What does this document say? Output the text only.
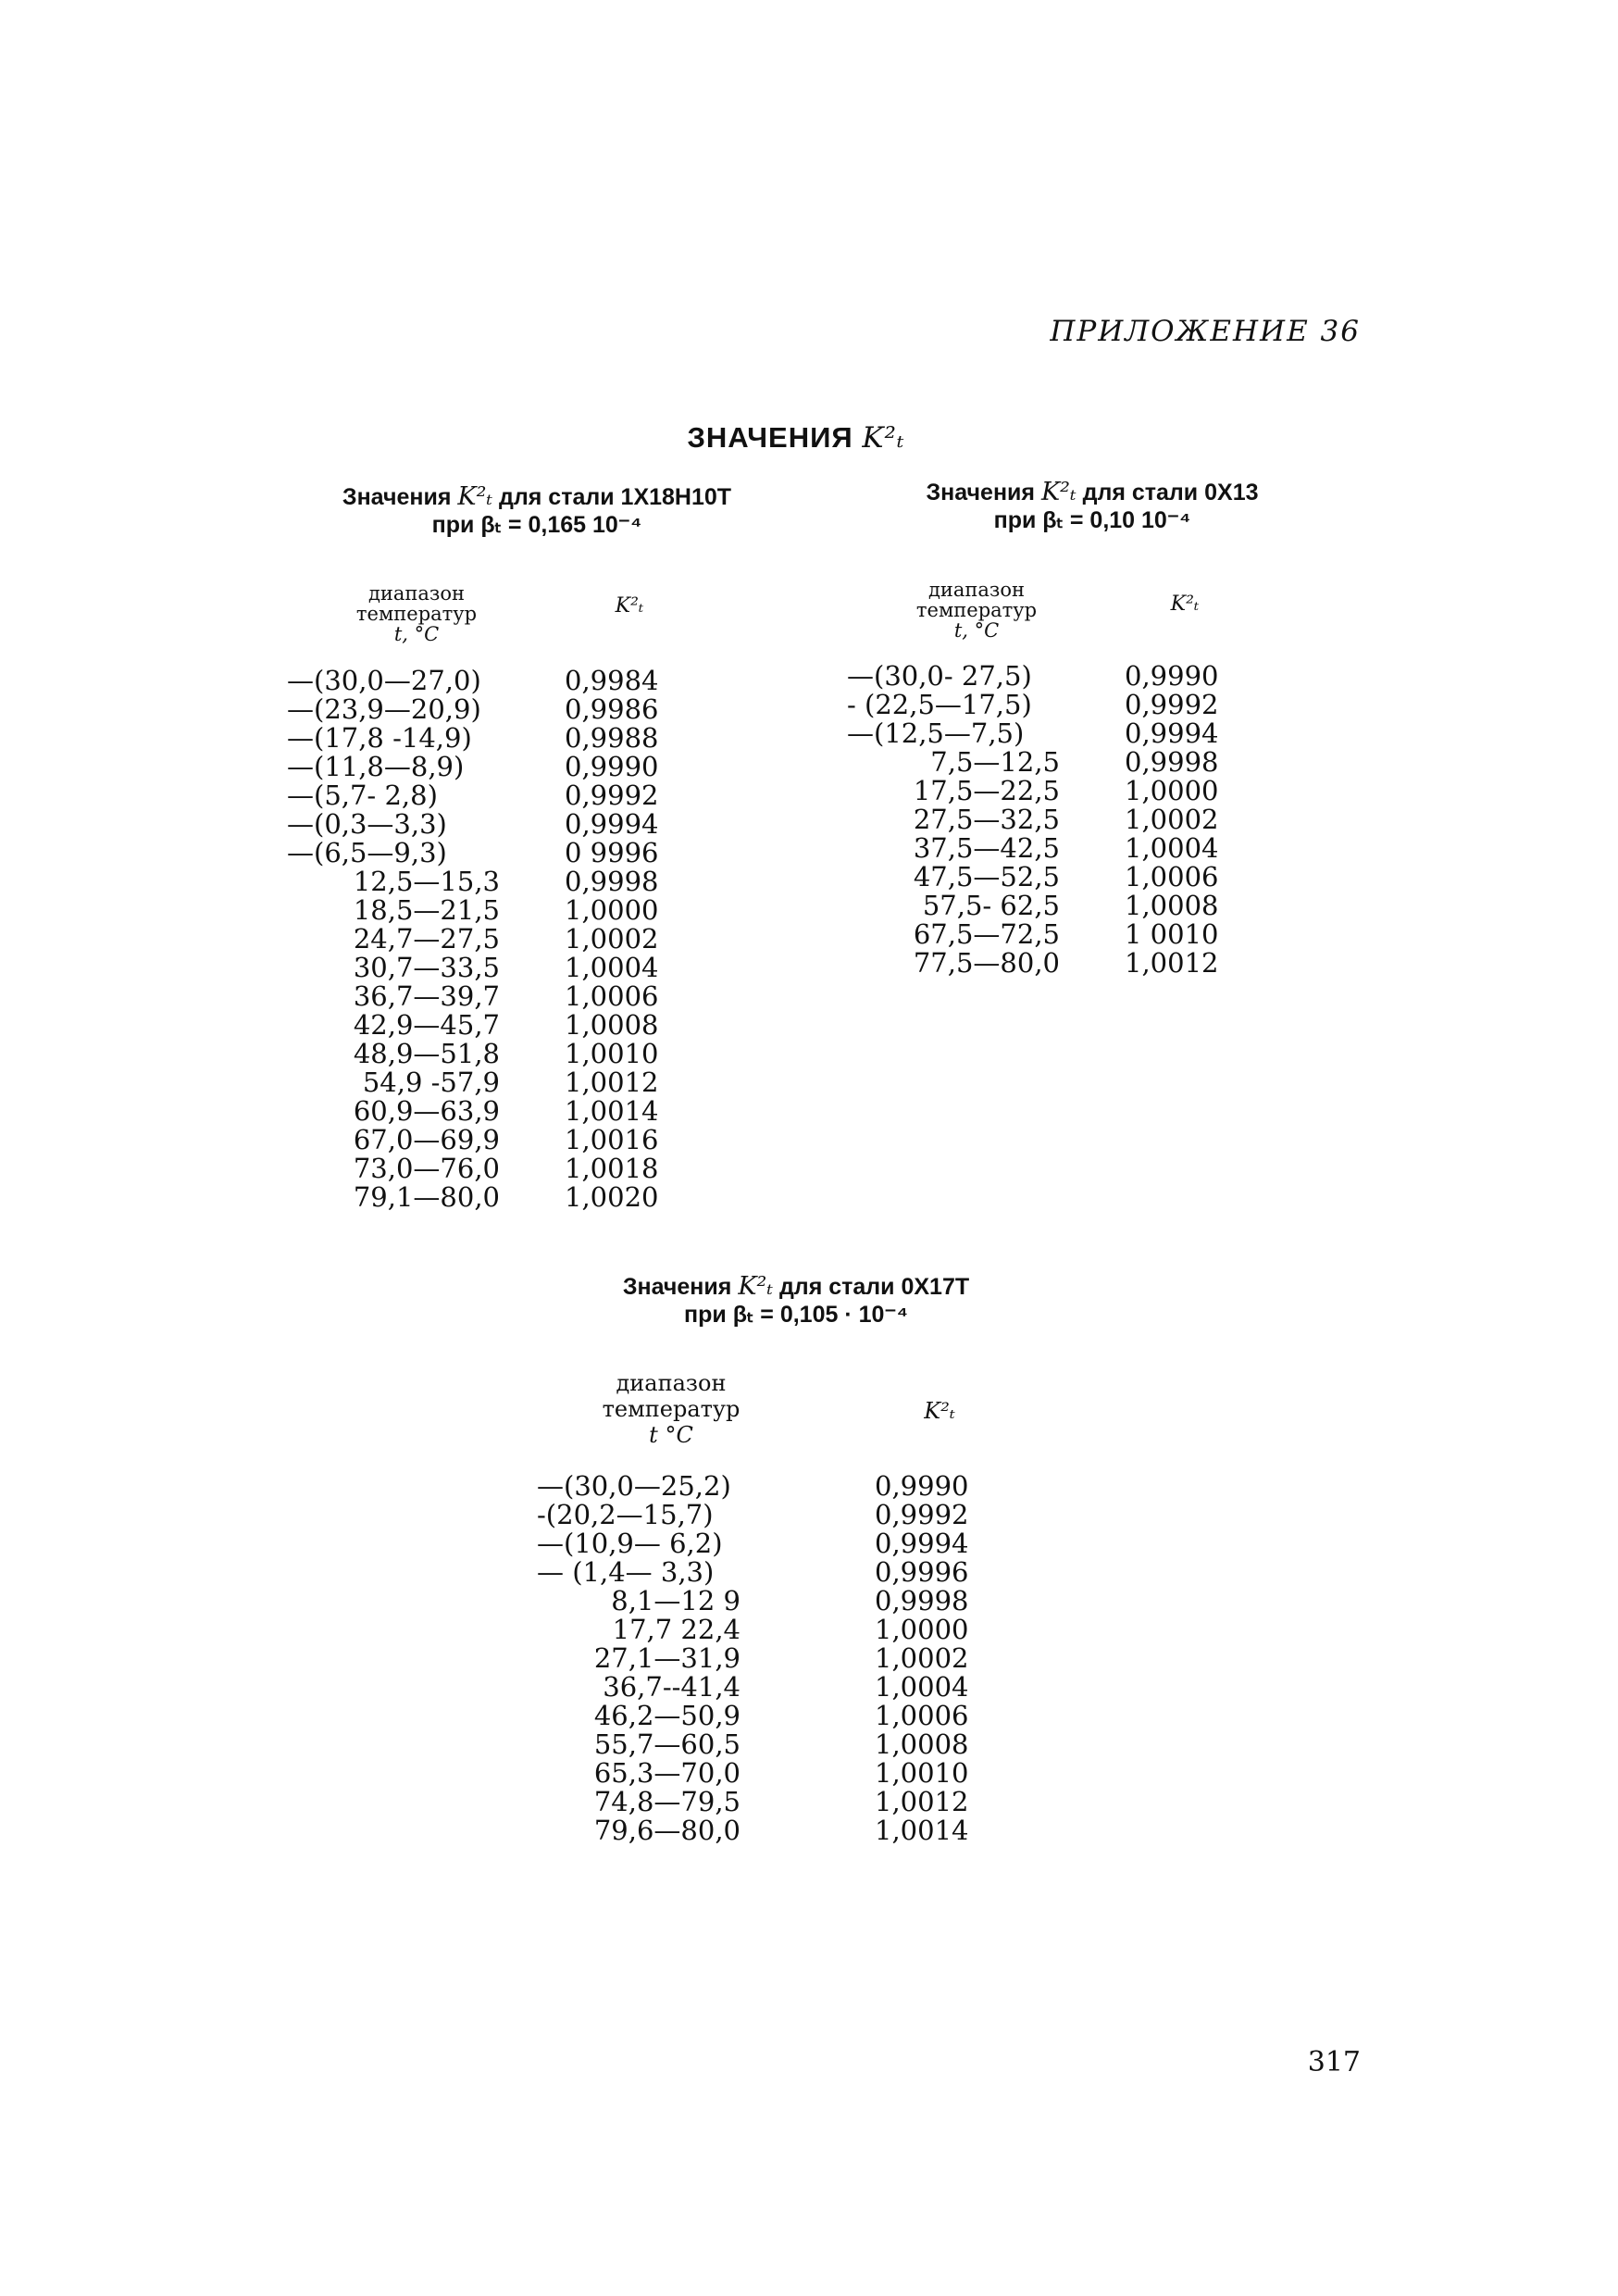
ПРИЛОЖЕНИЕ 36
ЗНАЧЕНИЯ K²ₜ
Значения K²ₜ для стали 1Х18Н10Т
при βₜ = 0,165 10⁻⁴
диапазон
температур
t, °C
K²ₜ
—(30,0—27,0)
—(23,9—20,9)
—(17,8 -14,9)
—(11,8—8,9)
—(5,7- 2,8)
—(0,3—3,3)
—(6,5—9,3)
12,5—15,3
18,5—21,5
24,7—27,5
30,7—33,5
36,7—39,7
42,9—45,7
48,9—51,8
54,9 -57,9
60,9—63,9
67,0—69,9
73,0—76,0
79,1—80,0
0,9984
0,9986
0,9988
0,9990
0,9992
0,9994
0 9996
0,9998
1,0000
1,0002
1,0004
1,0006
1,0008
1,0010
1,0012
1,0014
1,0016
1,0018
1,0020
Значения K²ₜ для стали 0Х13
при βₜ = 0,10 10⁻⁴
диапазон
температур
t, °C
K²ₜ
—(30,0- 27,5)
- (22,5—17,5)
—(12,5—7,5)
7,5—12,5
17,5—22,5
27,5—32,5
37,5—42,5
47,5—52,5
57,5- 62,5
67,5—72,5
77,5—80,0
0,9990
0,9992
0,9994
0,9998
1,0000
1,0002
1,0004
1,0006
1,0008
1 0010
1,0012
Значения K²ₜ для стали 0Х17Т
при βₜ = 0,105 · 10⁻⁴
диапазон
температур
t °C
K²ₜ
—(30,0—25,2)
-(20,2—15,7)
—(10,9— 6,2)
— (1,4— 3,3)
8,1—12 9
17,7 22,4
27,1—31,9
36,7--41,4
46,2—50,9
55,7—60,5
65,3—70,0
74,8—79,5
79,6—80,0
0,9990
0,9992
0,9994
0,9996
0,9998
1,0000
1,0002
1,0004
1,0006
1,0008
1,0010
1,0012
1,0014
317
